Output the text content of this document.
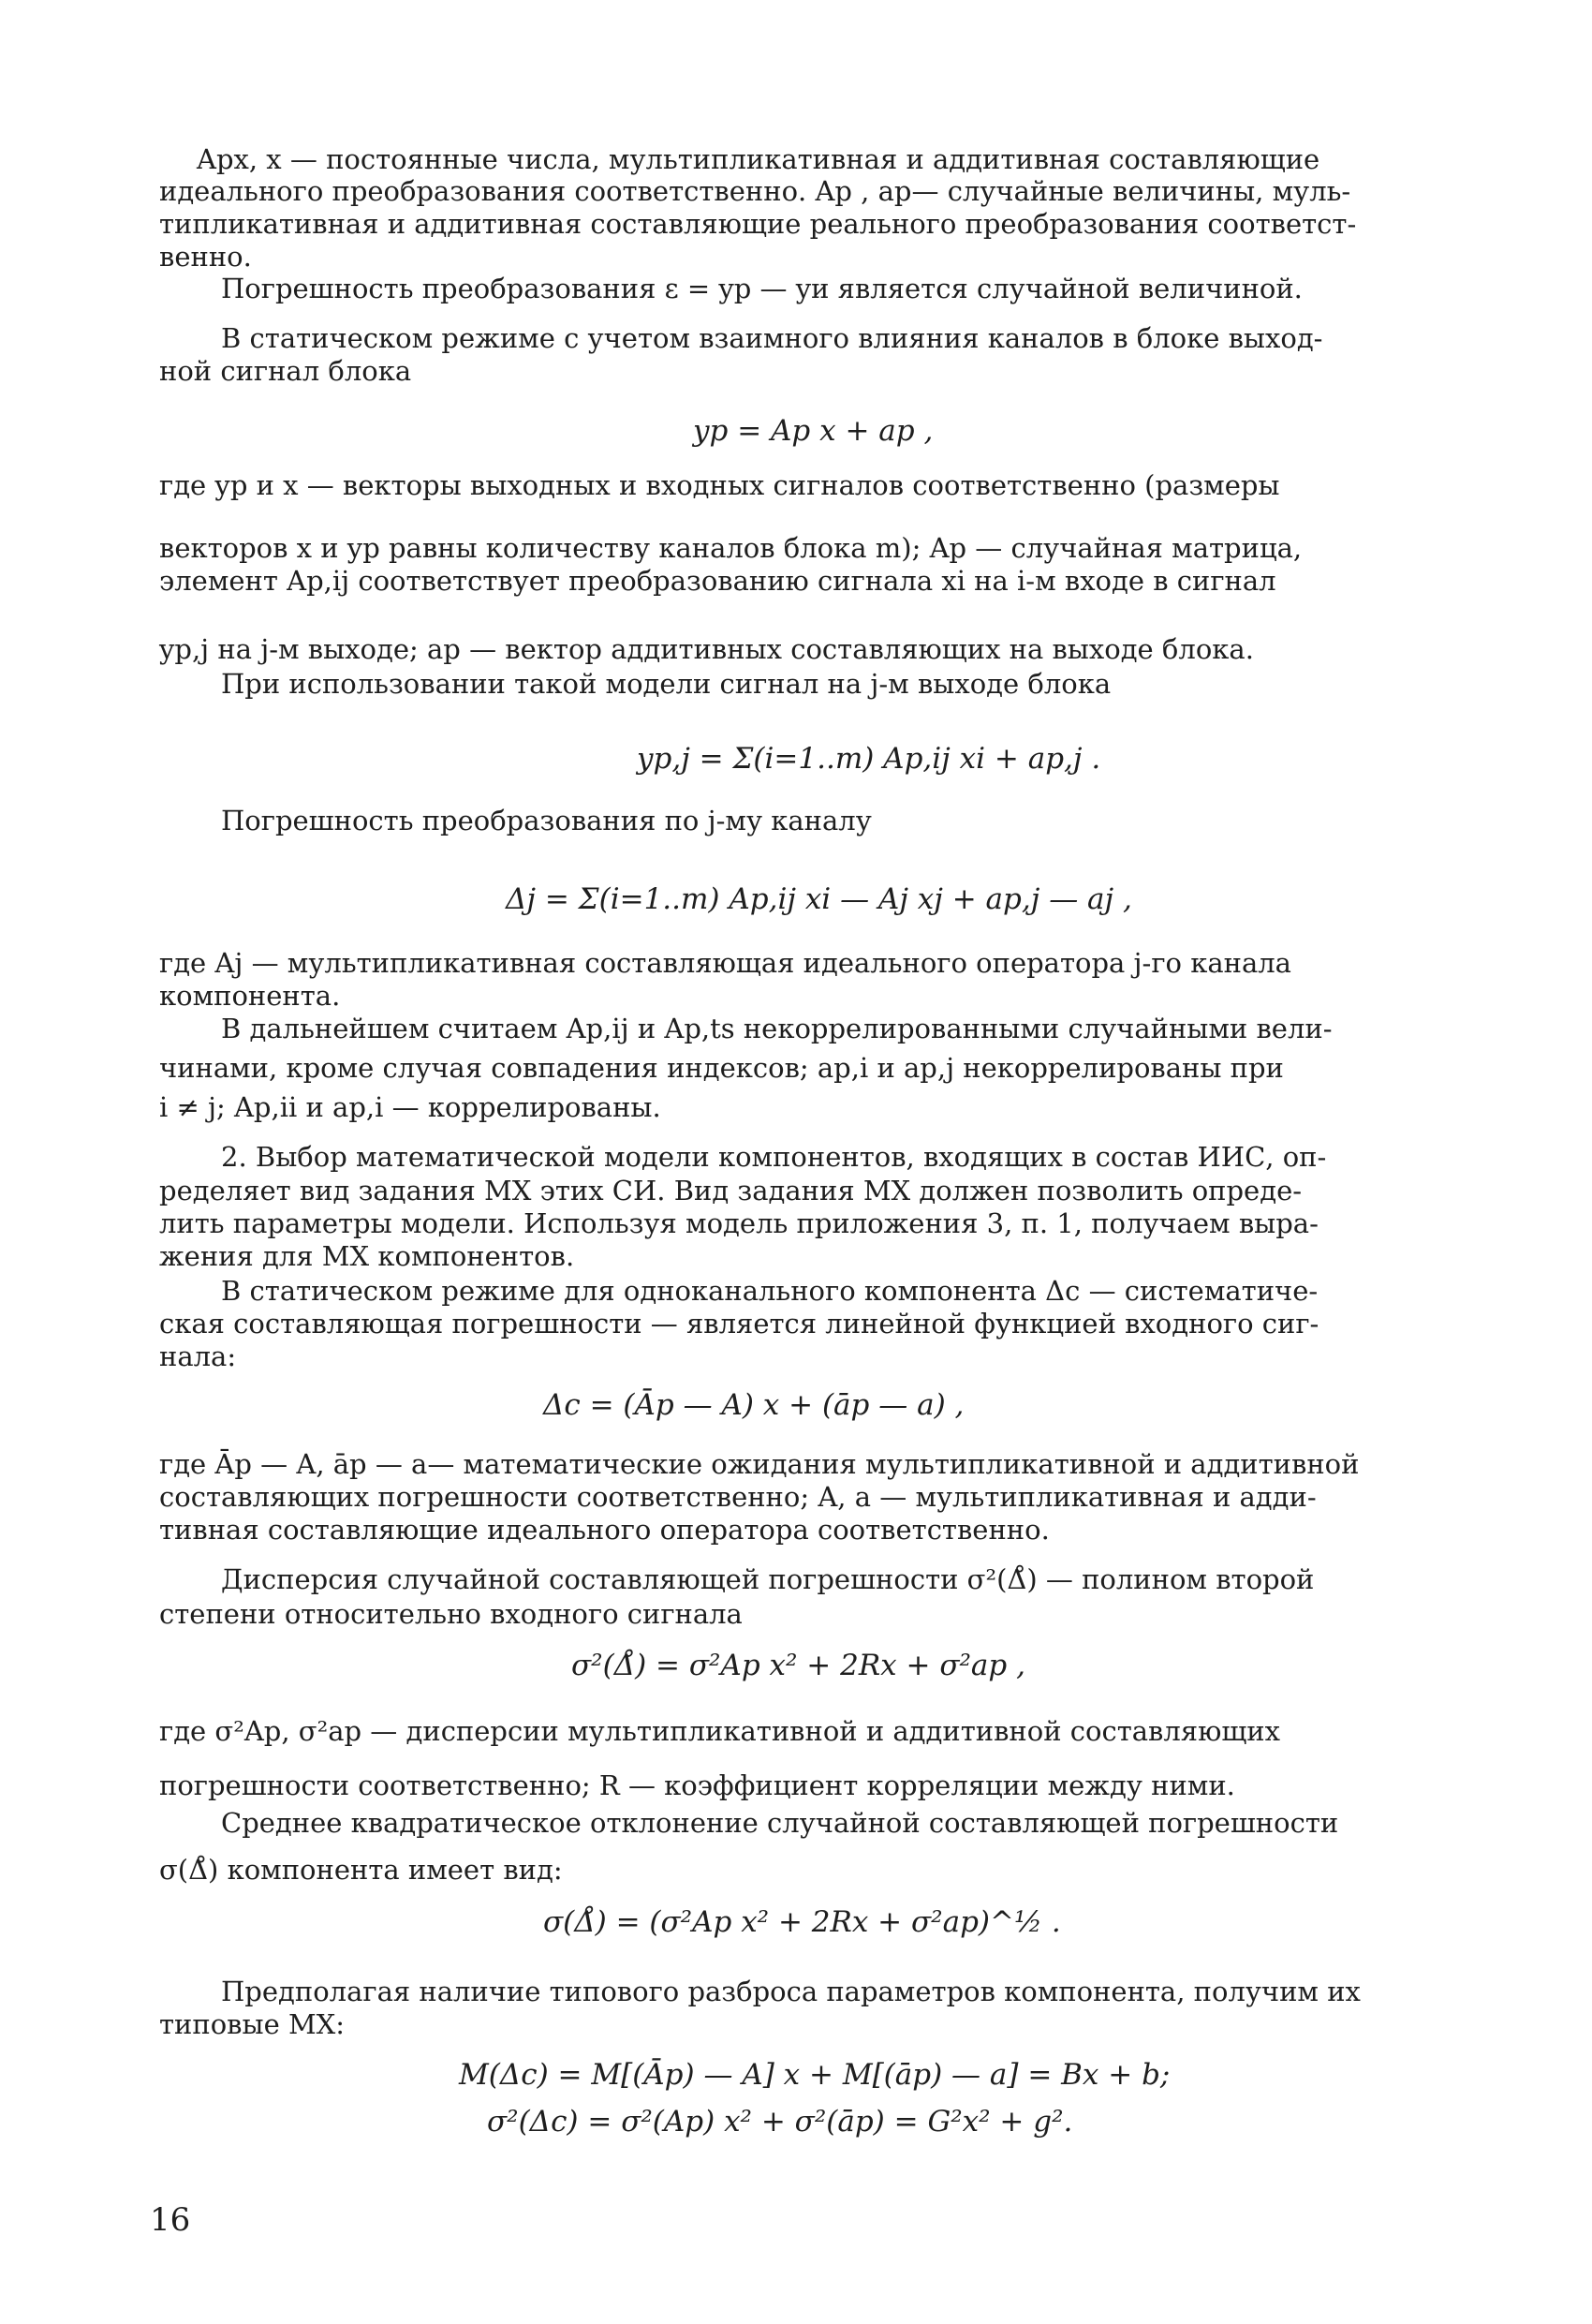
Aрx, x — постоянные числа, мультипликативная и аддитивная составляющие
идеального преобразования соответственно. Aр , aр— случайные величины, муль-
типликативная и аддитивная составляющие реального преобразования соответст-
венно.
Погрешность преобразования ε = yр — yи является случайной величиной.
В статическом режиме с учетом взаимного влияния каналов в блоке выход-
ной сигнал блока
yр = Aр x + aр ,
где yр и x — векторы выходных и входных сигналов соответственно (размеры
векторов x и yр равны количеству каналов блока m); Aр — случайная матрица,
элемент Aр,ij соответствует преобразованию сигнала xi на i-м входе в сигнал
yр,j на j-м выходе; aр — вектор аддитивных составляющих на выходе блока.
При использовании такой модели сигнал на j-м выходе блока
yр,j = Σ(i=1..m) Aр,ij xi + aр,j .
Погрешность преобразования по j-му каналу
Δj = Σ(i=1..m) Aр,ij xi — Aj xj + aр,j — aj ,
где Aj — мультипликативная составляющая идеального оператора j-го канала
компонента.
В дальнейшем считаем Aр,ij и Aр,ts некоррелированными случайными вели-
чинами, кроме случая совпадения индексов; aр,i и aр,j некоррелированы при
i ≠ j; Aр,ii и aр,i — коррелированы.
2. Выбор математической модели компонентов, входящих в состав ИИС, оп-
ределяет вид задания МХ этих СИ. Вид задания МХ должен позволить опреде-
лить параметры модели. Используя модель приложения 3, п. 1, получаем выра-
жения для МХ компонентов.
В статическом режиме для одноканального компонента Δc — систематиче-
ская составляющая погрешности — является линейной функцией входного сиг-
нала:
Δc = (Āр — A) x + (āр — a) ,
где Āр — A, āр — a— математические ожидания мультипликативной и аддитивной
составляющих погрешности соответственно; A, a — мультипликативная и адди-
тивная составляющие идеального оператора соответственно.
Дисперсия случайной составляющей погрешности σ²(Δ̊) — полином второй
степени относительно входного сигнала
σ²(Δ̊) = σ²Aр x² + 2Rx + σ²aр ,
где σ²Aр, σ²aр — дисперсии мультипликативной и аддитивной составляющих
погрешности соответственно; R — коэффициент корреляции между ними.
Среднее квадратическое отклонение случайной составляющей погрешности
σ(Δ̊) компонента имеет вид:
σ(Δ̊) = (σ²Aр x² + 2Rx + σ²aр)^½ .
Предполагая наличие типового разброса параметров компонента, получим их
типовые МХ:
M(Δc) = M[(Āр) — A] x + M[(āр) — a] = Bx + b;
σ²(Δc) = σ²(Aр) x² + σ²(āр) = G²x² + g².
16
